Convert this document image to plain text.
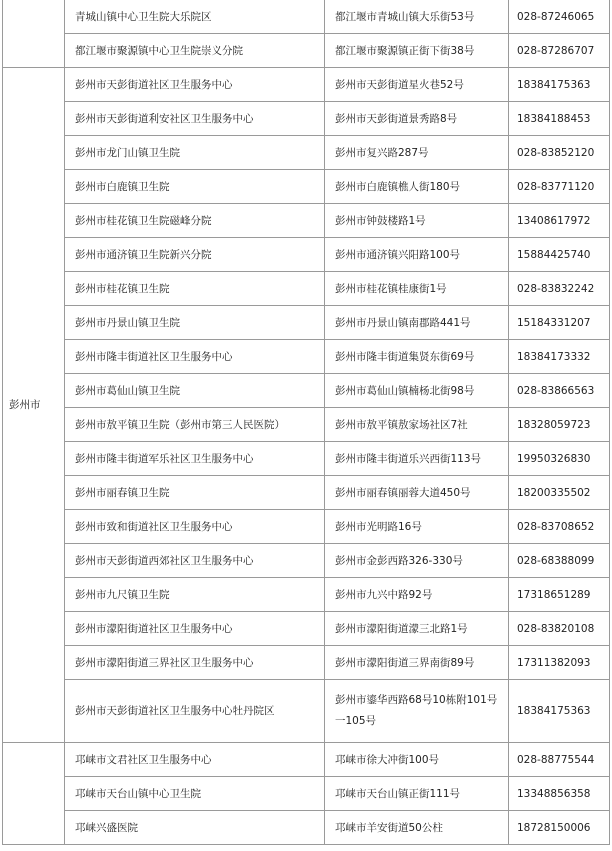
	青城山镇中心卫生院大乐院区	都江堰市青城山镇大乐街53号	028-87246065
	都江堰市聚源镇中心卫生院崇义分院	都江堰市聚源镇正街下街38号	028-87286707
彭州市	彭州市天彭街道社区卫生服务中心	彭州市天彭街道星火巷52号	18384175363
	彭州市天彭街道利安社区卫生服务中心	彭州市天彭街道景秀路8号	18384188453
	彭州市龙门山镇卫生院	彭州市复兴路287号	028-83852120
	彭州市白鹿镇卫生院	彭州市白鹿镇樵人街180号	028-83771120
	彭州市桂花镇卫生院磁峰分院	彭州市钟鼓楼路1号	13408617972
	彭州市通济镇卫生院新兴分院	彭州市通济镇兴阳路100号	15884425740
	彭州市桂花镇卫生院	彭州市桂花镇桂康街1号	028-83832242
	彭州市丹景山镇卫生院	彭州市丹景山镇南郡路441号	15184331207
	彭州市隆丰街道社区卫生服务中心	彭州市隆丰街道集贤东街69号	18384173332
	彭州市葛仙山镇卫生院	彭州市葛仙山镇楠杨北街98号	028-83866563
	彭州市敖平镇卫生院（彭州市第三人民医院）	彭州市敖平镇敖家场社区7社	18328059723
	彭州市隆丰街道军乐社区卫生服务中心	彭州市隆丰街道乐兴西街113号	19950326830
	彭州市丽春镇卫生院	彭州市丽春镇丽蓉大道450号	18200335502
	彭州市致和街道社区卫生服务中心	彭州市光明路16号	028-83708652
	彭州市天彭街道西郊社区卫生服务中心	彭州市金彭西路326-330号	028-68388099
	彭州市九尺镇卫生院	彭州市九兴中路92号	17318651289
	彭州市濛阳街道社区卫生服务中心	彭州市濛阳街道濛三北路1号	028-83820108
	彭州市濛阳街道三界社区卫生服务中心	彭州市濛阳街道三界南街89号	17311382093
	彭州市天彭街道社区卫生服务中心牡丹院区	彭州市鎏华西路68号10栋附101号一105号	18384175363
	邛崃市文君社区卫生服务中心	邛崃市徐大冲街100号	028-88775544
	邛崃市天台山镇中心卫生院	邛崃市天台山镇正街111号	13348856358
	邛崃兴盛医院	邛崃市羊安街道50公柱	18728150006
